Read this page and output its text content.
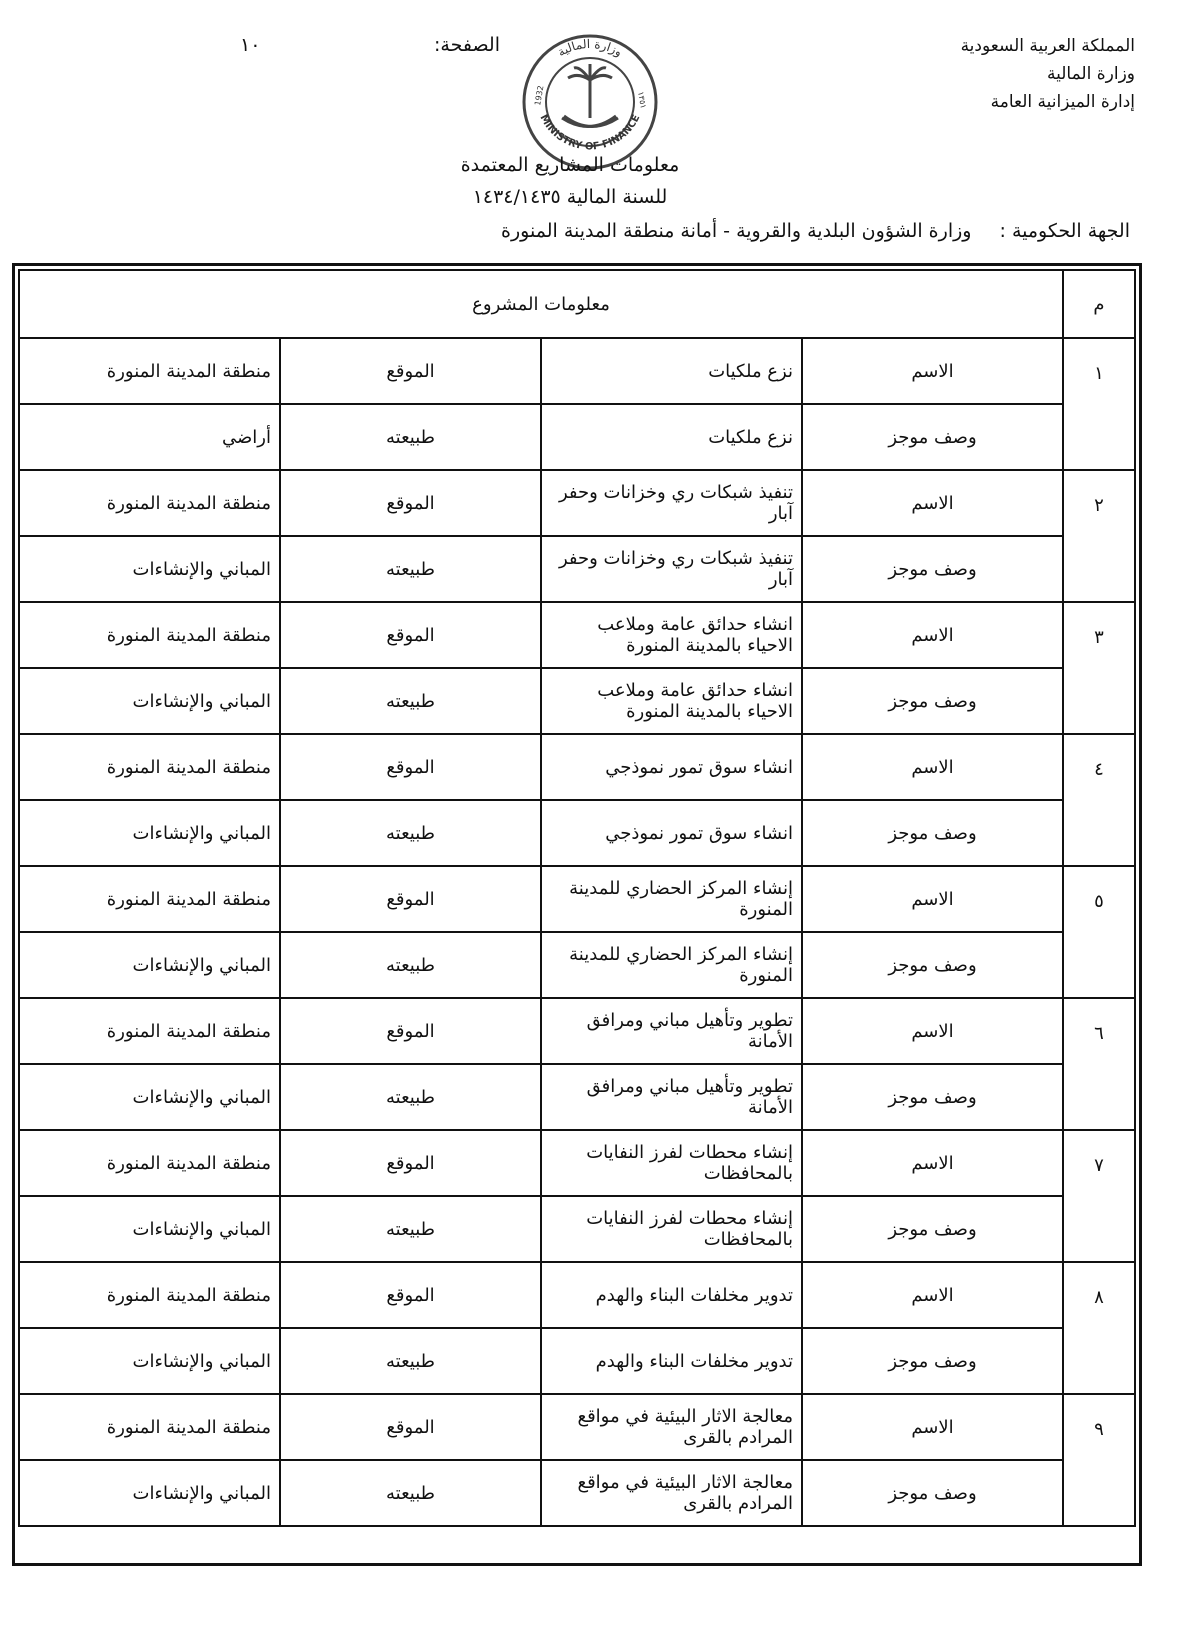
المملكة العربية السعودية
وزارة المالية
إدارة الميزانية العامة
الصفحة:
١٠	وزارة المالية
MINISTRY OF FINANCE
1932	١٣٥١
معلومات المشاريع المعتمدة
للسنة المالية ١٤٣٤/١٤٣٥
الجهة الحكومية : وزارة الشؤون البلدية والقروية - أمانة منطقة المدينة المنورة
م	معلومات المشروع			
١	الاسم	نزع ملكيات	الموقع	منطقة المدينة المنورة
	وصف موجز	نزع ملكيات	طبيعته	أراضي
٢	الاسم	تنفيذ شبكات ري وخزانات وحفر آبار	الموقع	منطقة المدينة المنورة
	وصف موجز	تنفيذ شبكات ري وخزانات وحفر آبار	طبيعته	المباني والإنشاءات
٣	الاسم	انشاء حدائق عامة وملاعب الاحياء بالمدينة المنورة	الموقع	منطقة المدينة المنورة
	وصف موجز	انشاء حدائق عامة وملاعب الاحياء بالمدينة المنورة	طبيعته	المباني والإنشاءات
٤	الاسم	انشاء سوق تمور نموذجي	الموقع	منطقة المدينة المنورة
	وصف موجز	انشاء سوق تمور نموذجي	طبيعته	المباني والإنشاءات
٥	الاسم	إنشاء المركز الحضاري للمدينة المنورة	الموقع	منطقة المدينة المنورة
	وصف موجز	إنشاء المركز الحضاري للمدينة المنورة	طبيعته	المباني والإنشاءات
٦	الاسم	تطوير وتأهيل مباني ومرافق الأمانة	الموقع	منطقة المدينة المنورة
	وصف موجز	تطوير وتأهيل مباني ومرافق الأمانة	طبيعته	المباني والإنشاءات
٧	الاسم	إنشاء محطات لفرز النفايات بالمحافظات	الموقع	منطقة المدينة المنورة
	وصف موجز	إنشاء محطات لفرز النفايات بالمحافظات	طبيعته	المباني والإنشاءات
٨	الاسم	تدوير مخلفات البناء والهدم	الموقع	منطقة المدينة المنورة
	وصف موجز	تدوير مخلفات البناء والهدم	طبيعته	المباني والإنشاءات
٩	الاسم	معالجة الاثار البيئية في مواقع المرادم بالقرى	الموقع	منطقة المدينة المنورة
	وصف موجز	معالجة الاثار البيئية في مواقع المرادم بالقرى	طبيعته	المباني والإنشاءات
